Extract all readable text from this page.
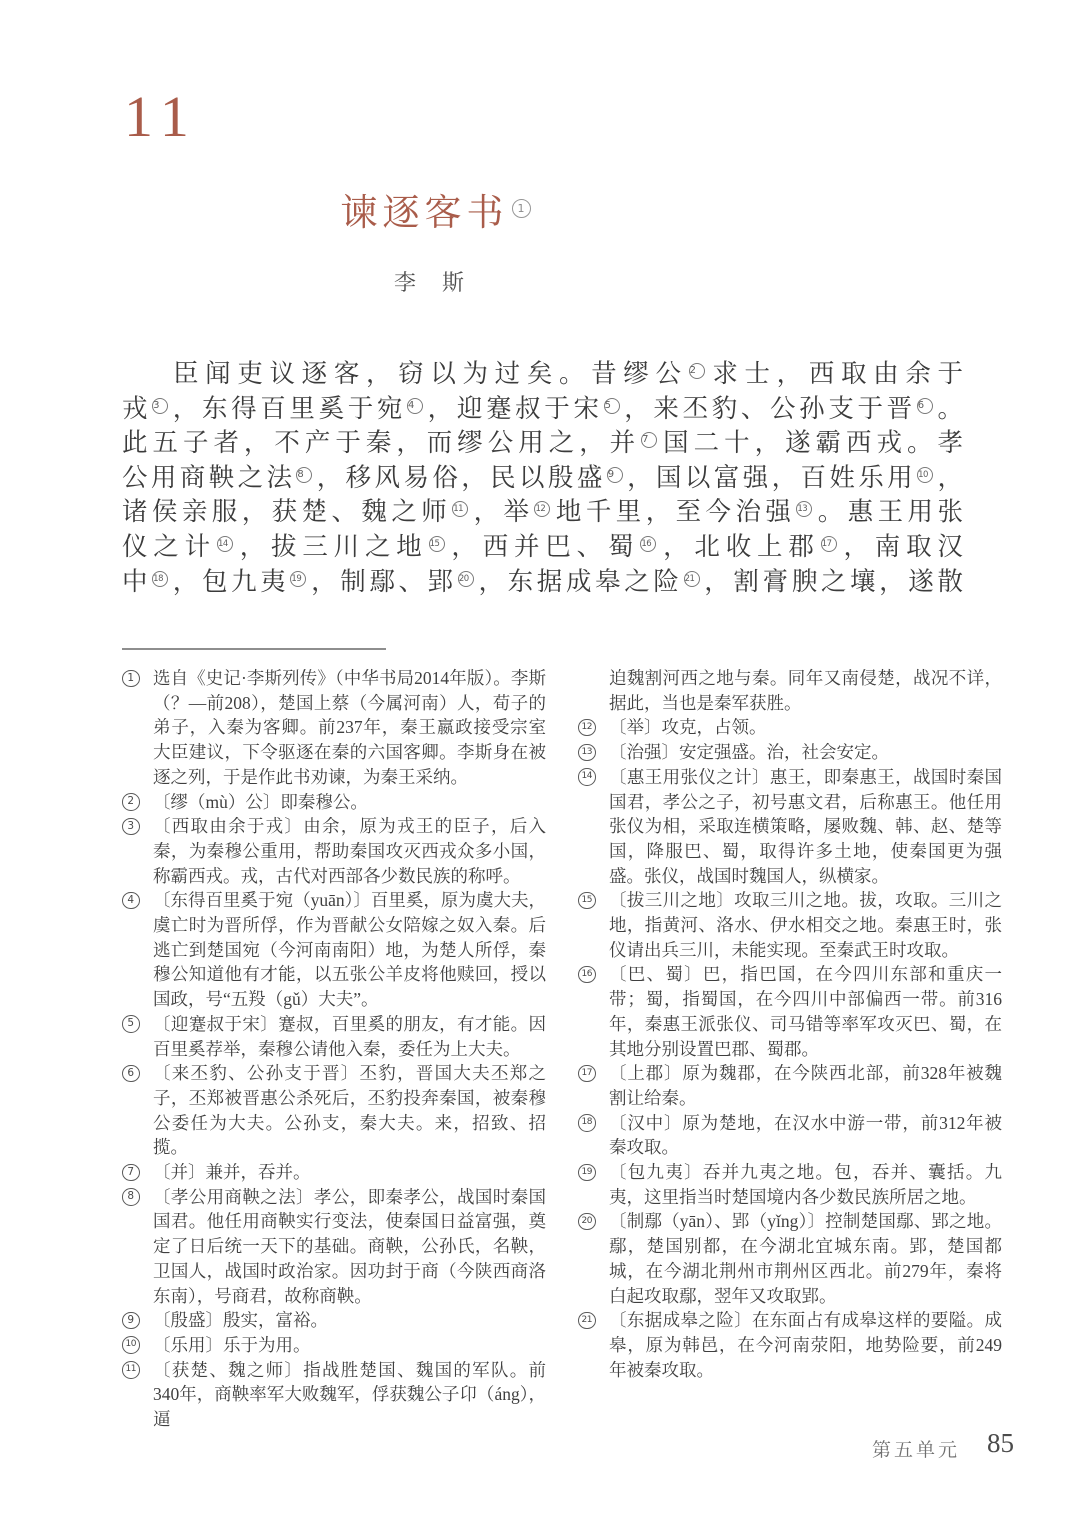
11
谏逐客书 1
李　斯
臣闻吏议逐客，窃以为过矣。昔缪公 2 求士，西取由余于
戎 3 ，东得百里奚于宛 4 ，迎蹇叔于宋 5 ，来丕豹、公孙支于晋 6 。
此五子者，不产于秦，而缪公用之，并 7 国二十，遂霸西戎。孝
公用商鞅之法 8 ，移风易俗，民以殷盛 9 ，国以富强，百姓乐用 10 ，
诸侯亲服，获楚、魏之师 11 ，举 12 地千里，至今治强 13 。惠王用张
仪之计 14 ，拔三川之地 15 ，西并巴、蜀 16 ，北收上郡 17 ，南取汉
中 18 ，包九夷 19 ，制鄢、郢 20 ，东据成皋之险 21 ，割膏腴之壤，遂散
1	选自《史记·李斯列传》（中华书局2014年版）。李斯（？—前208），楚国上蔡（今属河南）人，荀子的弟子，入秦为客卿。前237年，秦王嬴政接受宗室大臣建议，下令驱逐在秦的六国客卿。李斯身在被逐之列，于是作此书劝谏，为秦王采纳。
2	〔缪（mù）公〕即秦穆公。
3	〔西取由余于戎〕由余，原为戎王的臣子，后入秦，为秦穆公重用，帮助秦国攻灭西戎众多小国，称霸西戎。戎，古代对西部各少数民族的称呼。
4	〔东得百里奚于宛（yuān）〕百里奚，原为虞大夫，虞亡时为晋所俘，作为晋献公女陪嫁之奴入秦。后逃亡到楚国宛（今河南南阳）地，为楚人所俘，秦穆公知道他有才能，以五张公羊皮将他赎回，授以国政，号“五羖（gǔ）大夫”。
5	〔迎蹇叔于宋〕蹇叔，百里奚的朋友，有才能。因百里奚荐举，秦穆公请他入秦，委任为上大夫。
6	〔来丕豹、公孙支于晋〕丕豹，晋国大夫丕郑之子，丕郑被晋惠公杀死后，丕豹投奔秦国，被秦穆公委任为大夫。公孙支，秦大夫。来，招致、招揽。
7	〔并〕兼并，吞并。
8	〔孝公用商鞅之法〕孝公，即秦孝公，战国时秦国国君。他任用商鞅实行变法，使秦国日益富强，奠定了日后统一天下的基础。商鞅，公孙氏，名鞅，卫国人，战国时政治家。因功封于商（今陕西商洛东南），号商君，故称商鞅。
9	〔殷盛〕殷实，富裕。
10 〔乐用〕乐于为用。
11 〔获楚、魏之师〕指战胜楚国、魏国的军队。前340年，商鞅率军大败魏军，俘获魏公子卬（áng），逼
迫魏割河西之地与秦。同年又南侵楚，战况不详，据此，当也是秦军获胜。
12 〔举〕攻克，占领。
13 〔治强〕安定强盛。治，社会安定。
14 〔惠王用张仪之计〕惠王，即秦惠王，战国时秦国国君，孝公之子，初号惠文君，后称惠王。他任用张仪为相，采取连横策略，屡败魏、韩、赵、楚等国，降服巴、蜀，取得许多土地，使秦国更为强盛。张仪，战国时魏国人，纵横家。
15 〔拔三川之地〕攻取三川之地。拔，攻取。三川之地，指黄河、洛水、伊水相交之地。秦惠王时，张仪请出兵三川，未能实现。至秦武王时攻取。
16 〔巴、蜀〕巴，指巴国，在今四川东部和重庆一带；蜀，指蜀国，在今四川中部偏西一带。前316年，秦惠王派张仪、司马错等率军攻灭巴、蜀，在其地分别设置巴郡、蜀郡。
17 〔上郡〕原为魏郡，在今陕西北部，前328年被魏割让给秦。
18 〔汉中〕原为楚地，在汉水中游一带，前312年被秦攻取。
19 〔包九夷〕吞并九夷之地。包，吞并、囊括。九夷，这里指当时楚国境内各少数民族所居之地。
20 〔制鄢（yān）、郢（yǐng）〕控制楚国鄢、郢之地。鄢，楚国别都，在今湖北宜城东南。郢，楚国都城，在今湖北荆州市荆州区西北。前279年，秦将白起攻取鄢，翌年又攻取郢。
21 〔东据成皋之险〕在东面占有成皋这样的要隘。成皋，原为韩邑，在今河南荥阳，地势险要，前249年被秦攻取。
第五单元 85
